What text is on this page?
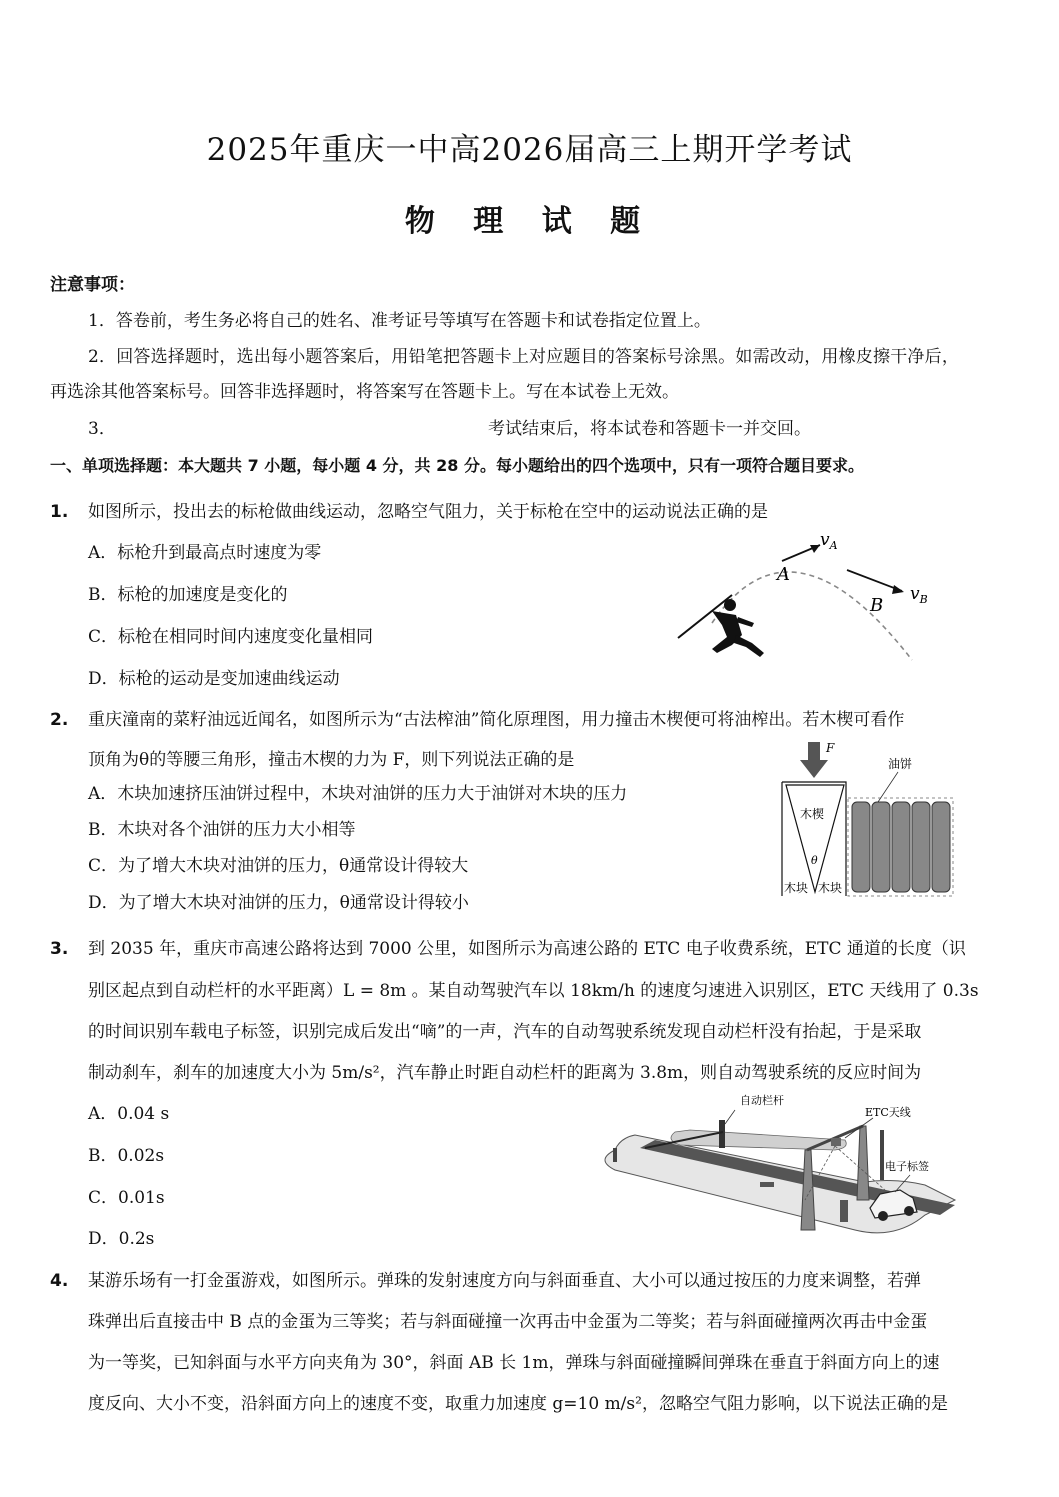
2025年重庆一中高2026届高三上期开学考试
物 理 试 题
注意事项：
1．答卷前，考生务必将自己的姓名、准考证号等填写在答题卡和试卷指定位置上。
2．回答选择题时，选出每小题答案后，用铅笔把答题卡上对应题目的答案标号涂黑。如需改动，用橡皮擦干净后，
再选涂其他答案标号。回答非选择题时，将答案写在答题卡上。写在本试卷上无效。
3．	考试结束后，将本试卷和答题卡一并交回。
一、单项选择题：本大题共 7 小题，每小题 4 分，共 28 分。每小题给出的四个选项中，只有一项符合题目要求。
1. 如图所示，投出去的标枪做曲线运动，忽略空气阻力，关于标枪在空中的运动说法正确的是
A．标枪升到最高点时速度为零
B．标枪的加速度是变化的
C．标枪在相同时间内速度变化量相同
D．标枪的运动是变加速曲线运动
$v_A$
A
B
$v_B$
2. 重庆潼南的菜籽油远近闻名，如图所示为“古法榨油”简化原理图，用力撞击木楔便可将油榨出。若木楔可看作
顶角为θ的等腰三角形，撞击木楔的力为 F，则下列说法正确的是
A．木块加速挤压油饼过程中，木块对油饼的压力大于油饼对木块的压力
B．木块对各个油饼的压力大小相等
C．为了增大木块对油饼的压力，θ通常设计得较大
D．为了增大木块对油饼的压力，θ通常设计得较小
F
木楔
θ
木块 木块
油饼
3. 到 2035 年，重庆市高速公路将达到 7000 公里，如图所示为高速公路的 ETC 电子收费系统，ETC 通道的长度（识
别区起点到自动栏杆的水平距离）L = 8m 。某自动驾驶汽车以 18km/h 的速度匀速进入识别区，ETC 天线用了 0.3s
的时间识别车载电子标签，识别完成后发出“嘀”的一声，汽车的自动驾驶系统发现自动栏杆没有抬起，于是采取
制动刹车，刹车的加速度大小为 5m/s²，汽车静止时距自动栏杆的距离为 3.8m，则自动驾驶系统的反应时间为
A．0.04 s
B．0.02s
C．0.01s
D．0.2s
自动栏杆
ETC天线
电子标签
4. 某游乐场有一打金蛋游戏，如图所示。弹珠的发射速度方向与斜面垂直、大小可以通过按压的力度来调整，若弹
珠弹出后直接击中 B 点的金蛋为三等奖；若与斜面碰撞一次再击中金蛋为二等奖；若与斜面碰撞两次再击中金蛋
为一等奖，已知斜面与水平方向夹角为 30°，斜面 AB 长 1m，弹珠与斜面碰撞瞬间弹珠在垂直于斜面方向上的速
度反向、大小不变，沿斜面方向上的速度不变，取重力加速度 g=10 m/s²，忽略空气阻力影响，以下说法正确的是
